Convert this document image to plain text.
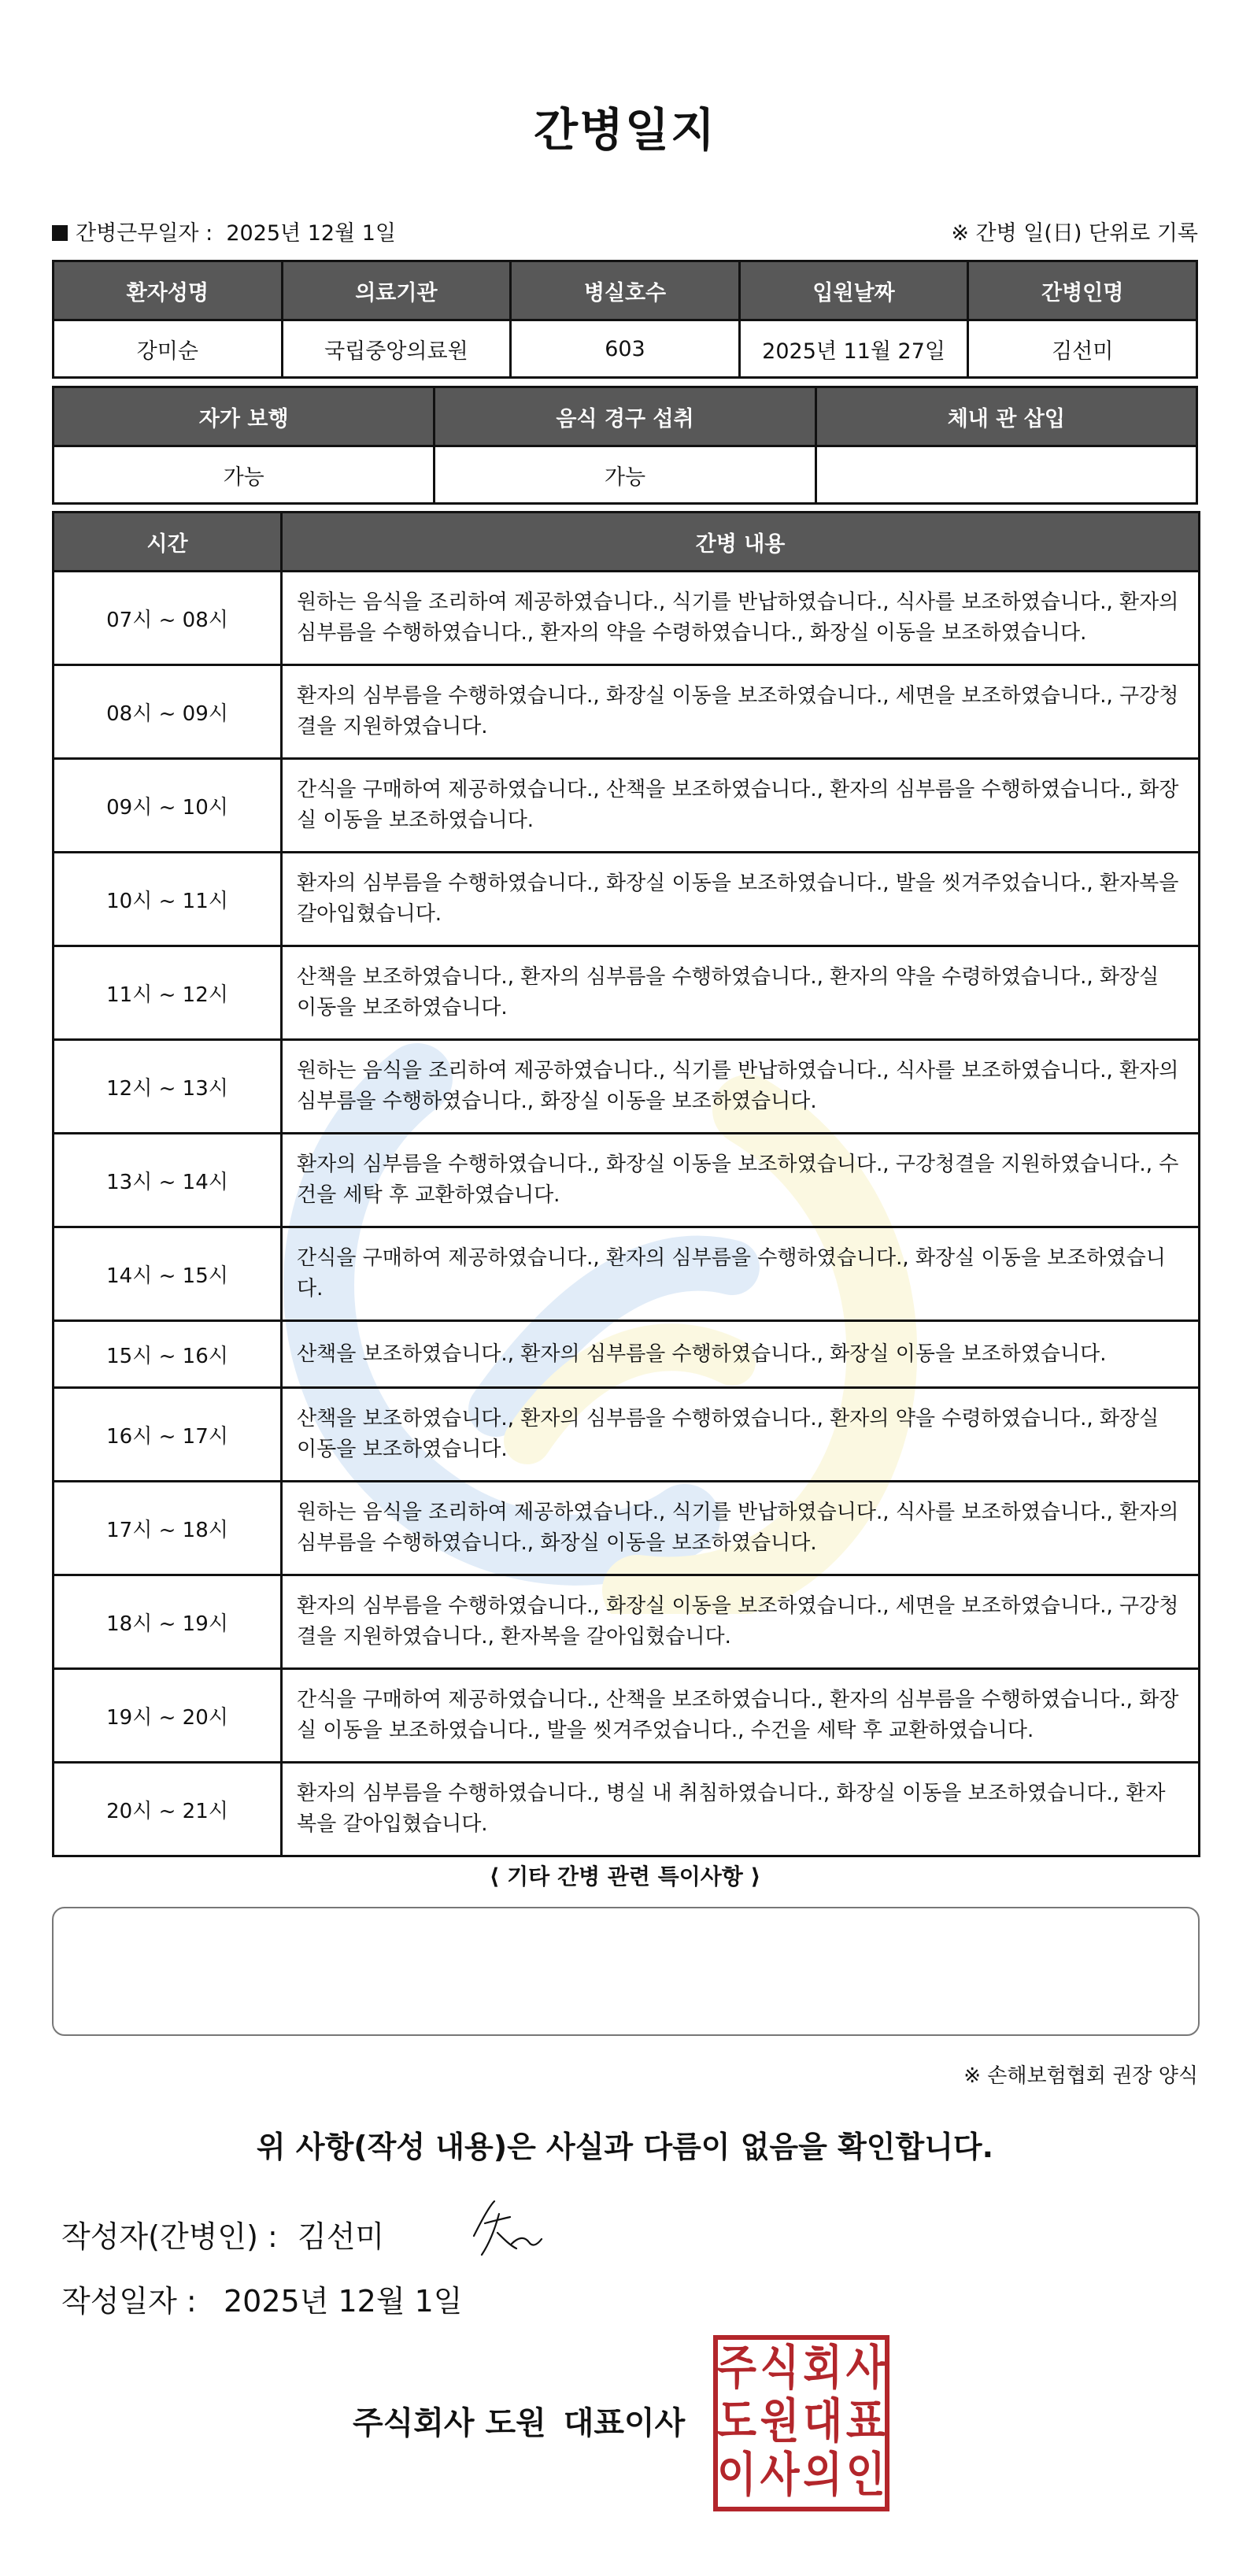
간병일지
간병근무일자 : 2025년 12월 1일	※ 간병 일(日) 단위로 기록
환자성명	의료기관	병실호수	입원날짜	간병인명
강미순	국립중앙의료원	603	2025년 11월 27일	김선미
자가 보행	음식 경구 섭취	체내 관 삽입
가능	가능	
시간	간병 내용
07시 ~ 08시	원하는 음식을 조리하여 제공하였습니다., 식기를 반납하였습니다., 식사를 보조하였습니다., 환자의 심부름을 수행하였습니다., 환자의 약을 수령하였습니다., 화장실 이동을 보조하였습니다.
08시 ~ 09시	환자의 심부름을 수행하였습니다., 화장실 이동을 보조하였습니다., 세면을 보조하였습니다., 구강청결을 지원하였습니다.
09시 ~ 10시	간식을 구매하여 제공하였습니다., 산책을 보조하였습니다., 환자의 심부름을 수행하였습니다., 화장실 이동을 보조하였습니다.
10시 ~ 11시	환자의 심부름을 수행하였습니다., 화장실 이동을 보조하였습니다., 발을 씻겨주었습니다., 환자복을 갈아입혔습니다.
11시 ~ 12시	산책을 보조하였습니다., 환자의 심부름을 수행하였습니다., 환자의 약을 수령하였습니다., 화장실 이동을 보조하였습니다.
12시 ~ 13시	원하는 음식을 조리하여 제공하였습니다., 식기를 반납하였습니다., 식사를 보조하였습니다., 환자의 심부름을 수행하였습니다., 화장실 이동을 보조하였습니다.
13시 ~ 14시	환자의 심부름을 수행하였습니다., 화장실 이동을 보조하였습니다., 구강청결을 지원하였습니다., 수건을 세탁 후 교환하였습니다.
14시 ~ 15시	간식을 구매하여 제공하였습니다., 환자의 심부름을 수행하였습니다., 화장실 이동을 보조하였습니다.
15시 ~ 16시	산책을 보조하였습니다., 환자의 심부름을 수행하였습니다., 화장실 이동을 보조하였습니다.
16시 ~ 17시	산책을 보조하였습니다., 환자의 심부름을 수행하였습니다., 환자의 약을 수령하였습니다., 화장실 이동을 보조하였습니다.
17시 ~ 18시	원하는 음식을 조리하여 제공하였습니다., 식기를 반납하였습니다., 식사를 보조하였습니다., 환자의 심부름을 수행하였습니다., 화장실 이동을 보조하였습니다.
18시 ~ 19시	환자의 심부름을 수행하였습니다., 화장실 이동을 보조하였습니다., 세면을 보조하였습니다., 구강청결을 지원하였습니다., 환자복을 갈아입혔습니다.
19시 ~ 20시	간식을 구매하여 제공하였습니다., 산책을 보조하였습니다., 환자의 심부름을 수행하였습니다., 화장실 이동을 보조하였습니다., 발을 씻겨주었습니다., 수건을 세탁 후 교환하였습니다.
20시 ~ 21시	환자의 심부름을 수행하였습니다., 병실 내 취침하였습니다., 화장실 이동을 보조하였습니다., 환자복을 갈아입혔습니다.
⟨ 기타 간병 관련 특이사항 ⟩
※ 손해보험협회 권장 양식
위 사항(작성 내용)은 사실과 다름이 없음을 확인합니다.
작성자(간병인) : 김선미
작성일자 : 2025년 12월 1일
주식회사 도원 대표이사
주 식 회 사
도 원 대 표
이 사 의 인
